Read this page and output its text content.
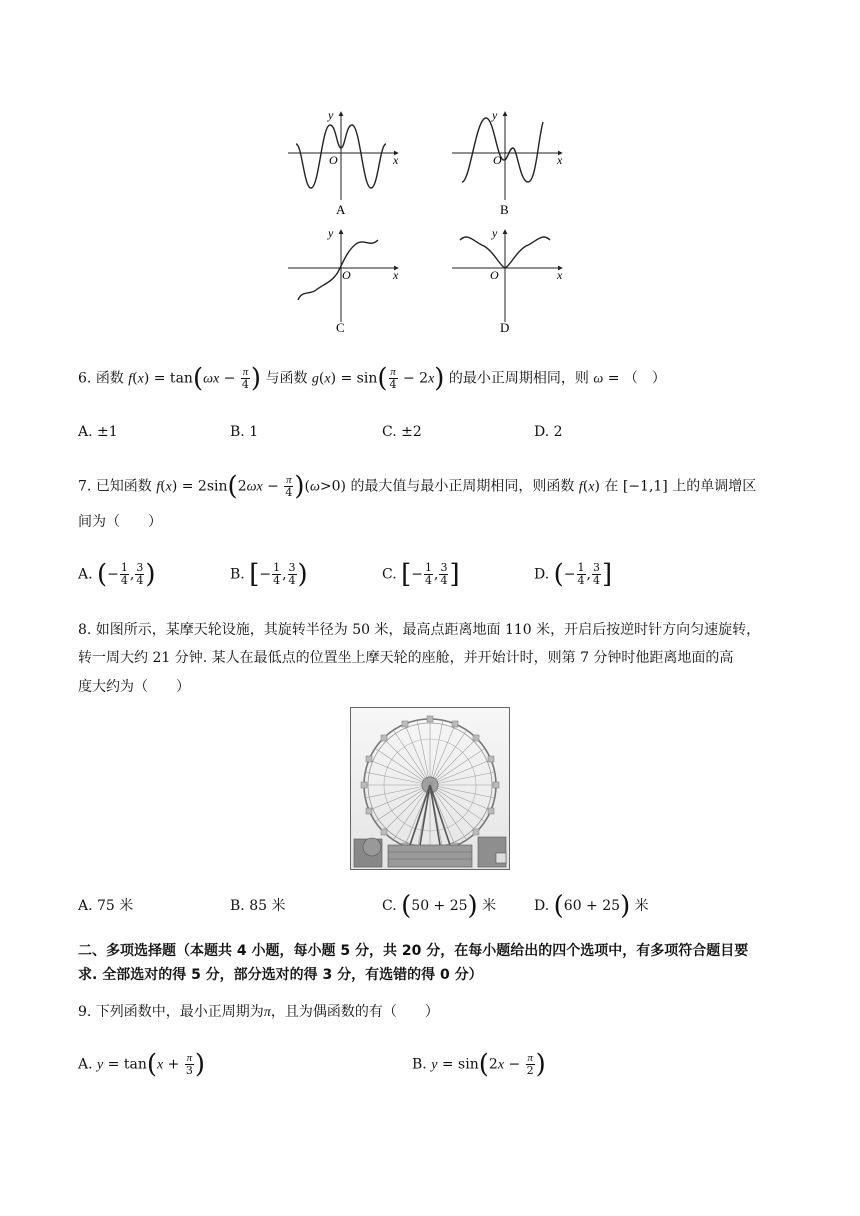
y
x
O
A
y
x
O
B
y
x
O
C
y
x
O
D
6. 函数 $f(x) = \tan(\omega x - \frac{\pi}{4}$ ) 与函数 $g(x) = \sin( \frac{\pi}{4} - 2x)$ 的最小正周期相同，则 ω = （　）
A. ±1	B. 1	C. ±2	D. 2
7. 已知函数 $f(x) = 2\sin(2\omega x - \frac{\pi}{4} )(\omega>0)$ 的最大值与最小正周期相同，则函数 f(x) 在 [−1,1] 上的单调增区
间为（　　）
A. (− $\frac{1}{4}$ , $\frac{3}{4}$ )	B. [− $\frac{1}{4}$ , $\frac{3}{4}$ )	C. [− $\frac{1}{4}$ , $\frac{3}{4}$ ]	D. (− $\frac{1}{4}$ , $\frac{3}{4}$ ]
8. 如图所示，某摩天轮设施，其旋转半径为 50 米，最高点距离地面 110 米，开启后按逆时针方向匀速旋转，
转一周大约 21 分钟. 某人在最低点的位置坐上摩天轮的座舱，并开始计时，则第 7 分钟时他距离地面的高
度大约为（　　）
A. 75 米	B. 85 米	C. (50 + 25) 米	D. (60 + 25) 米
二、多项选择题（本题共 4 小题，每小题 5 分，共 20 分，在每小题给出的四个选项中，有多项符合题目要
求. 全部选对的得 5 分，部分选对的得 3 分，有选错的得 0 分）
9. 下列函数中，最小正周期为π，且为偶函数的有（　　）
A. $y = \tan(x + \frac{\pi}{3}$ )	B. $y = \sin(2x - \frac{\pi}{2}$ )
